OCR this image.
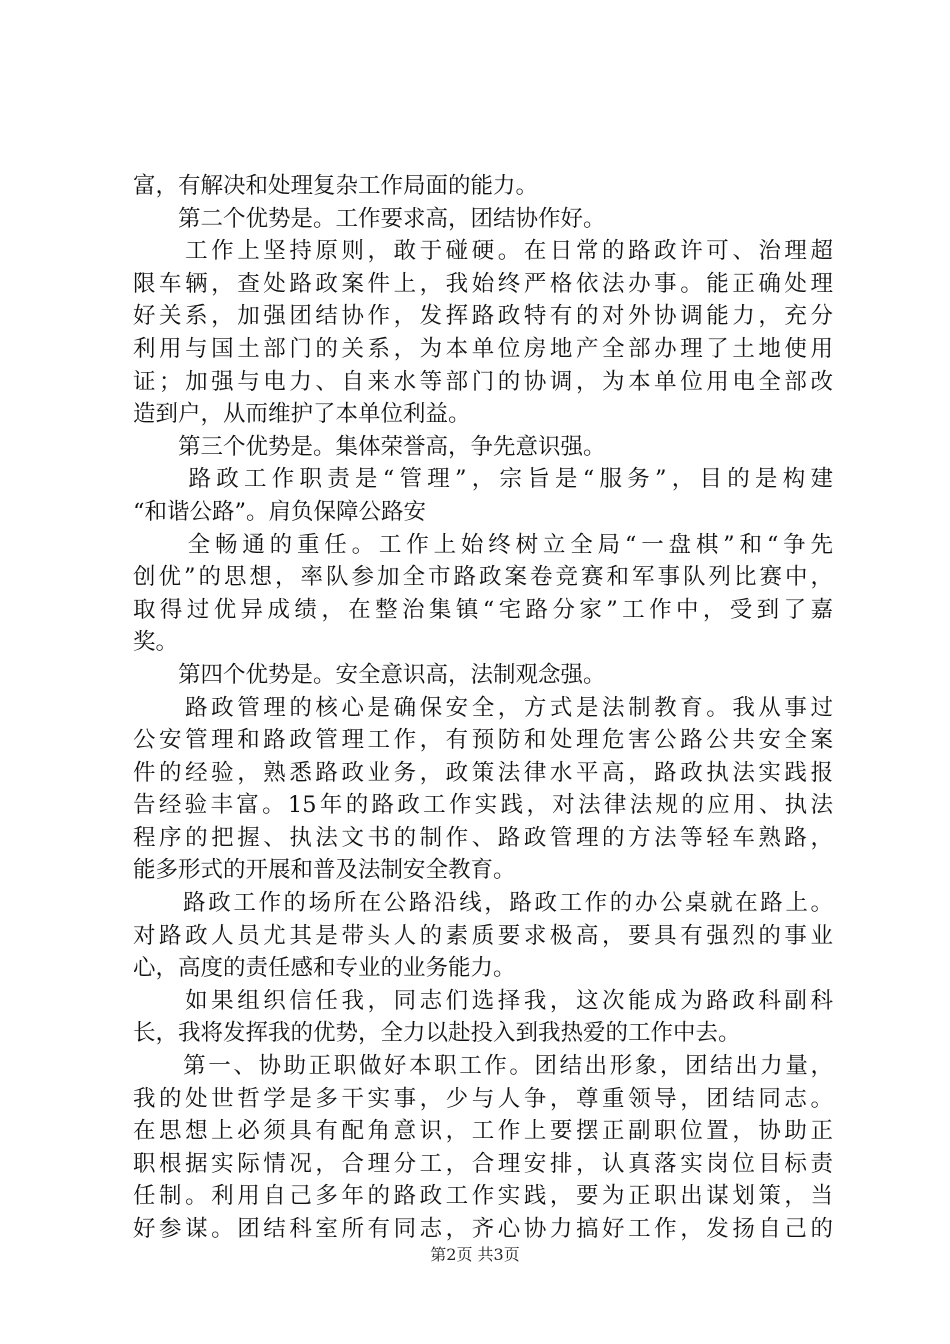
富，有解决和处理复杂工作局面的能力。
　　第二个优势是。工作要求高，团结协作好。
　　工作上坚持原则，敢于碰硬。在日常的路政许可、治理超
限车辆，查处路政案件上，我始终严格依法办事。能正确处理
好关系，加强团结协作，发挥路政特有的对外协调能力，充分
利用与国土部门的关系，为本单位房地产全部办理了土地使用
证；加强与电力、自来水等部门的协调，为本单位用电全部改
造到户，从而维护了本单位利益。
　　第三个优势是。集体荣誉高，争先意识强。
　　路政工作职责是“管理”，宗旨是“服务”，目的是构建
“和谐公路”。肩负保障公路安
　　全畅通的重任。工作上始终树立全局“一盘棋”和“争先
创优”的思想，率队参加全市路政案卷竞赛和军事队列比赛中，
取得过优异成绩，在整治集镇“宅路分家”工作中，受到了嘉
奖。
　　第四个优势是。安全意识高，法制观念强。
　　路政管理的核心是确保安全，方式是法制教育。我从事过
公安管理和路政管理工作，有预防和处理危害公路公共安全案
件的经验，熟悉路政业务，政策法律水平高，路政执法实践报
告经验丰富。15年的路政工作实践，对法律法规的应用、执法
程序的把握、执法文书的制作、路政管理的方法等轻车熟路，
能多形式的开展和普及法制安全教育。
　　路政工作的场所在公路沿线，路政工作的办公桌就在路上。
对路政人员尤其是带头人的素质要求极高，要具有强烈的事业
心，高度的责任感和专业的业务能力。
　　如果组织信任我，同志们选择我，这次能成为路政科副科
长，我将发挥我的优势，全力以赴投入到我热爱的工作中去。
　　第一、协助正职做好本职工作。团结出形象，团结出力量，
我的处世哲学是多干实事，少与人争，尊重领导，团结同志。
在思想上必须具有配角意识，工作上要摆正副职位置，协助正
职根据实际情况，合理分工，合理安排，认真落实岗位目标责
任制。利用自己多年的路政工作实践，要为正职出谋划策，当
好参谋。团结科室所有同志，齐心协力搞好工作，发扬自己的
第2页 共3页
